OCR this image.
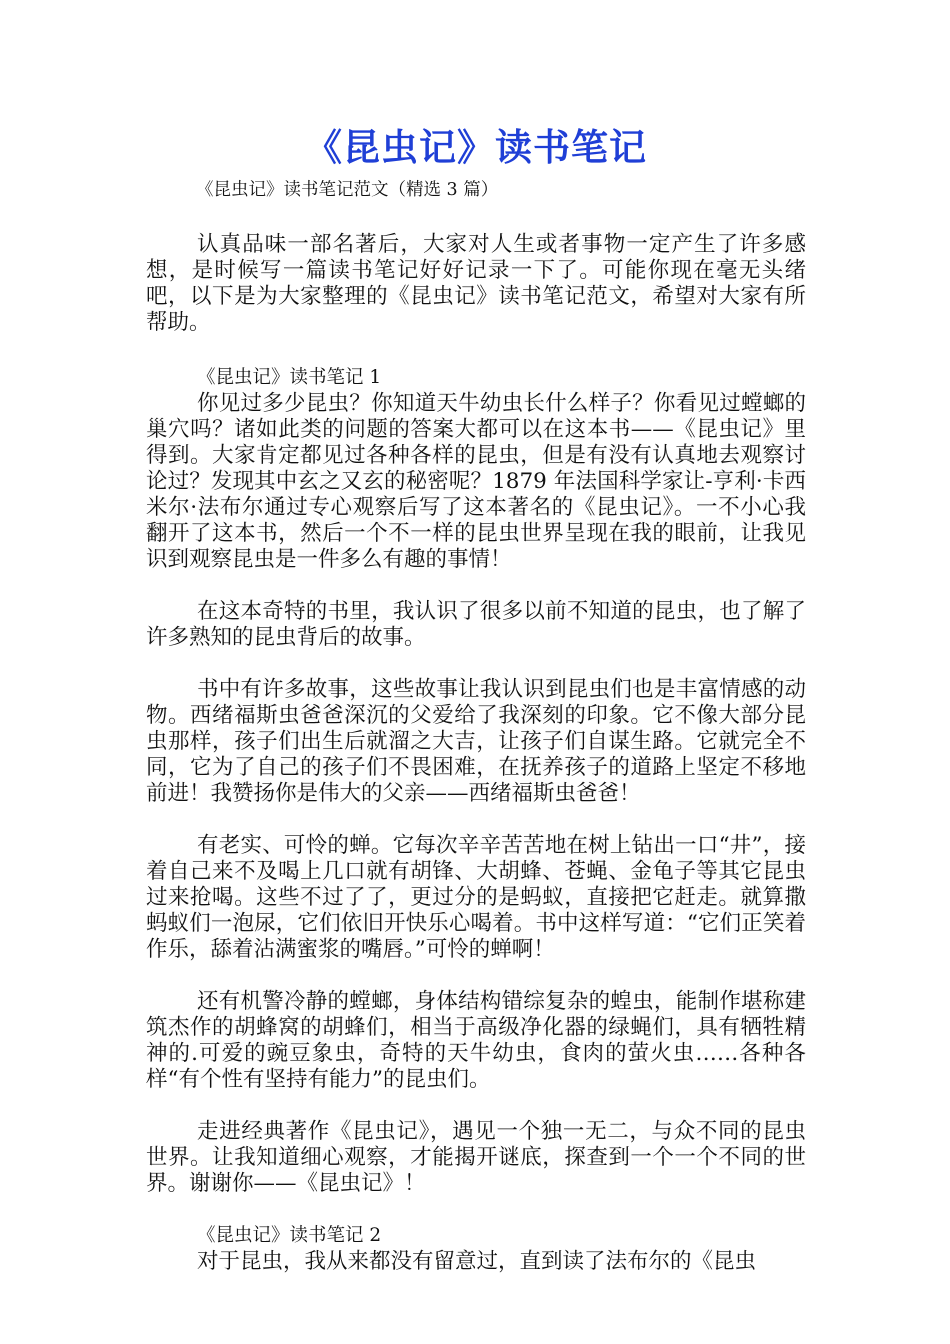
《昆虫记》读书笔记
《昆虫记》读书笔记范文（精选 3 篇）

认真品味一部名著后，大家对人生或者事物一定产生了许多感想，是时候写一篇读书笔记好好记录一下了。可能你现在毫无头绪吧，以下是为大家整理的《昆虫记》读书笔记范文，希望对大家有所帮助。

《昆虫记》读书笔记 1

你见过多少昆虫？你知道天牛幼虫长什么样子？你看见过螳螂的巢穴吗？诸如此类的问题的答案大都可以在这本书——《昆虫记》里得到。大家肯定都见过各种各样的昆虫，但是有没有认真地去观察讨论过？发现其中玄之又玄的秘密呢？1879 年法国科学家让-亨利·卡西米尔·法布尔通过专心观察后写了这本著名的《昆虫记》。一不小心我翻开了这本书，然后一个不一样的昆虫世界呈现在我的眼前，让我见识到观察昆虫是一件多么有趣的事情！

在这本奇特的书里，我认识了很多以前不知道的昆虫，也了解了许多熟知的昆虫背后的故事。

书中有许多故事，这些故事让我认识到昆虫们也是丰富情感的动物。西绪福斯虫爸爸深沉的父爱给了我深刻的印象。它不像大部分昆虫那样，孩子们出生后就溜之大吉，让孩子们自谋生路。它就完全不同，它为了自己的孩子们不畏困难，在抚养孩子的道路上坚定不移地前进！我赞扬你是伟大的父亲——西绪福斯虫爸爸！

有老实、可怜的蝉。它每次辛辛苦苦地在树上钻出一口“井”，接着自己来不及喝上几口就有胡锋、大胡蜂、苍蝇、金龟子等其它昆虫过来抢喝。这些不过了了，更过分的是蚂蚁，直接把它赶走。就算撒蚂蚁们一泡尿，它们依旧开快乐心喝着。书中这样写道：“它们正笑着作乐，舔着沾满蜜浆的嘴唇。”可怜的蝉啊！

还有机警冷静的螳螂，身体结构错综复杂的蝗虫，能制作堪称建筑杰作的胡蜂窝的胡蜂们，相当于高级净化器的绿蝇们，具有牺牲精神的.可爱的豌豆象虫，奇特的天牛幼虫，食肉的萤火虫……各种各样“有个性有坚持有能力”的昆虫们。

走进经典著作《昆虫记》，遇见一个独一无二，与众不同的昆虫世界。让我知道细心观察，才能揭开谜底，探查到一个一个不同的世界。谢谢你——《昆虫记》！

《昆虫记》读书笔记 2

对于昆虫，我从来都没有留意过，直到读了法布尔的《昆虫
